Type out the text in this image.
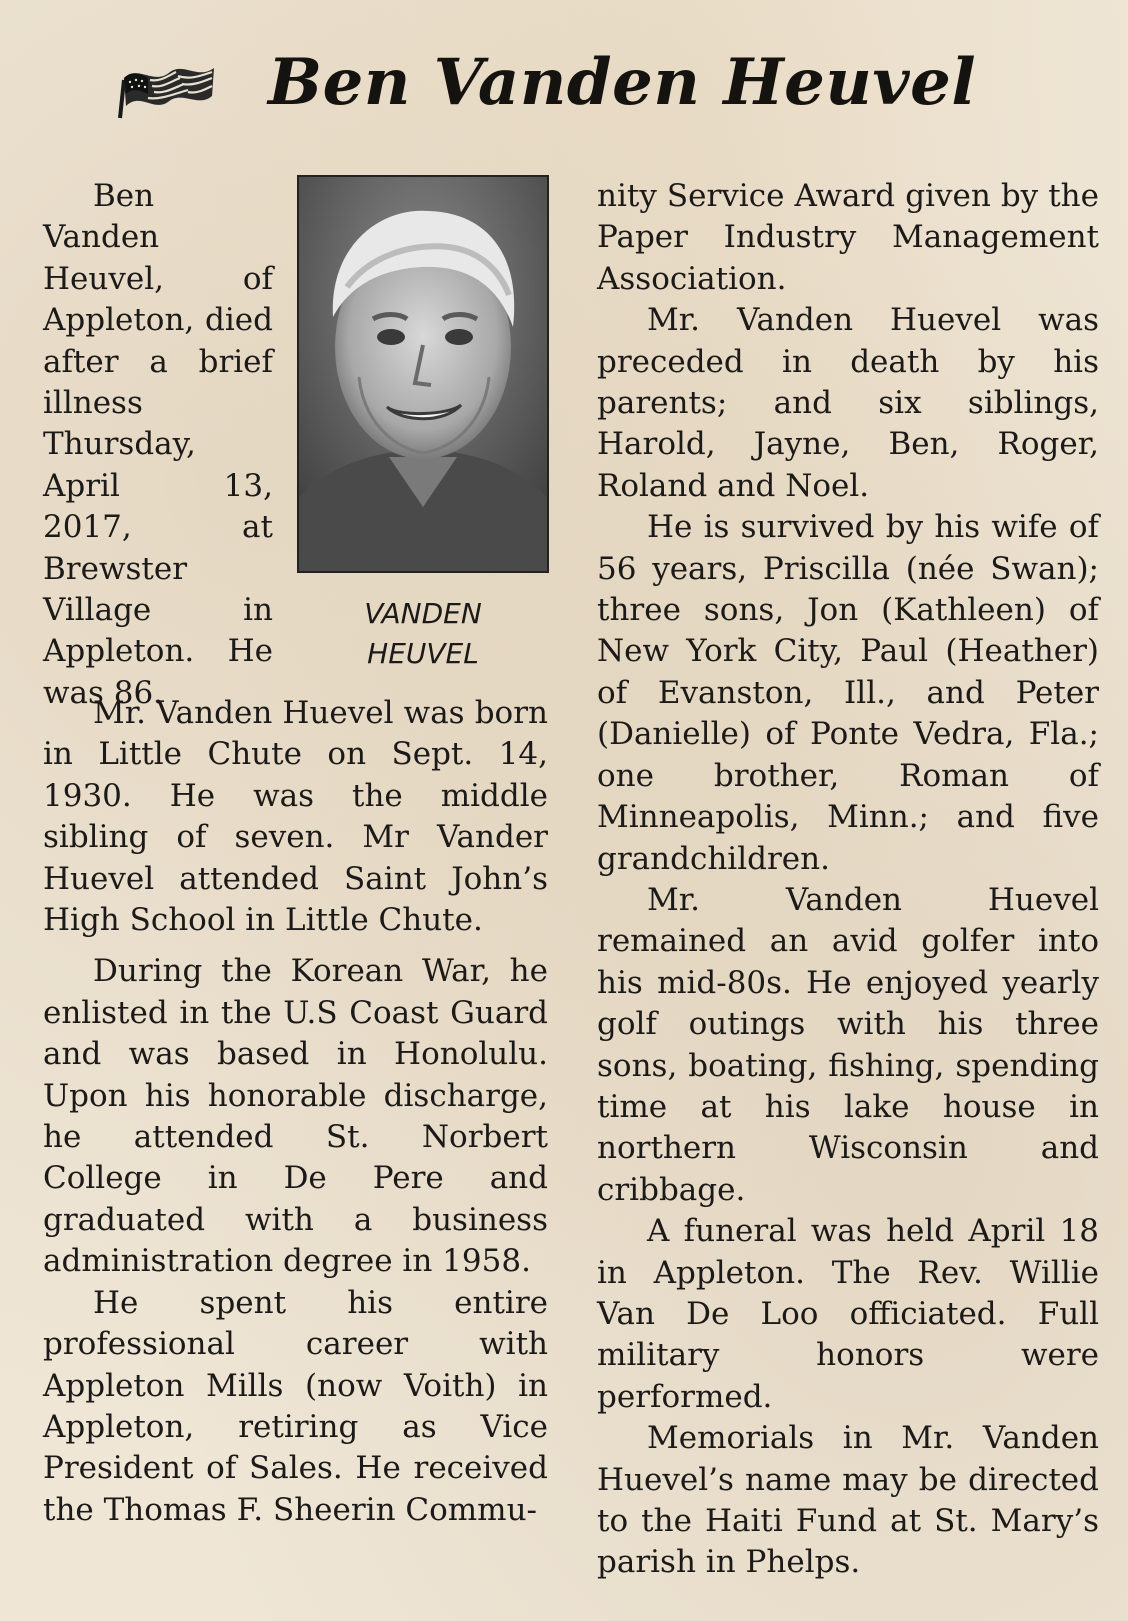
Ben Vanden Heuvel
Ben Vanden Heuvel, of Appleton, died after a brief illness Thursday, April 13, 2017, at Brewster Village in Appleton. He was 86.
VANDEN
HEUVEL

Mr. Vanden Huevel was born in Little Chute on Sept. 14, 1930. He was the middle sibling of seven. Mr Vander Huevel attended Saint John’s High School in Little Chute.

During the Korean War, he enlisted in the U.S Coast Guard and was based in Honolulu. Upon his honorable discharge, he attended St. Norbert College in De Pere and graduated with a business administration degree in 1958.

He spent his entire professional career with Appleton Mills (now Voith) in Appleton, retiring as Vice President of Sales. He received the Thomas F. Sheerin Commu-

nity Service Award given by the Paper Industry Management Association.

Mr. Vanden Huevel was preceded in death by his parents; and six siblings, Harold, Jayne, Ben, Roger, Roland and Noel.

He is survived by his wife of 56 years, Priscilla (née Swan); three sons, Jon (Kathleen) of New York City, Paul (Heather) of Evanston, Ill., and Peter (Danielle) of Ponte Vedra, Fla.; one brother, Roman of Minneapolis, Minn.; and five grandchildren.

Mr. Vanden Huevel remained an avid golfer into his mid-80s. He enjoyed yearly golf outings with his three sons, boating, fishing, spending time at his lake house in northern Wisconsin and cribbage.

A funeral was held April 18 in Appleton. The Rev. Willie Van De Loo officiated. Full military honors were performed.

Memorials in Mr. Vanden Huevel’s name may be directed to the Haiti Fund at St. Mary’s parish in Phelps.
